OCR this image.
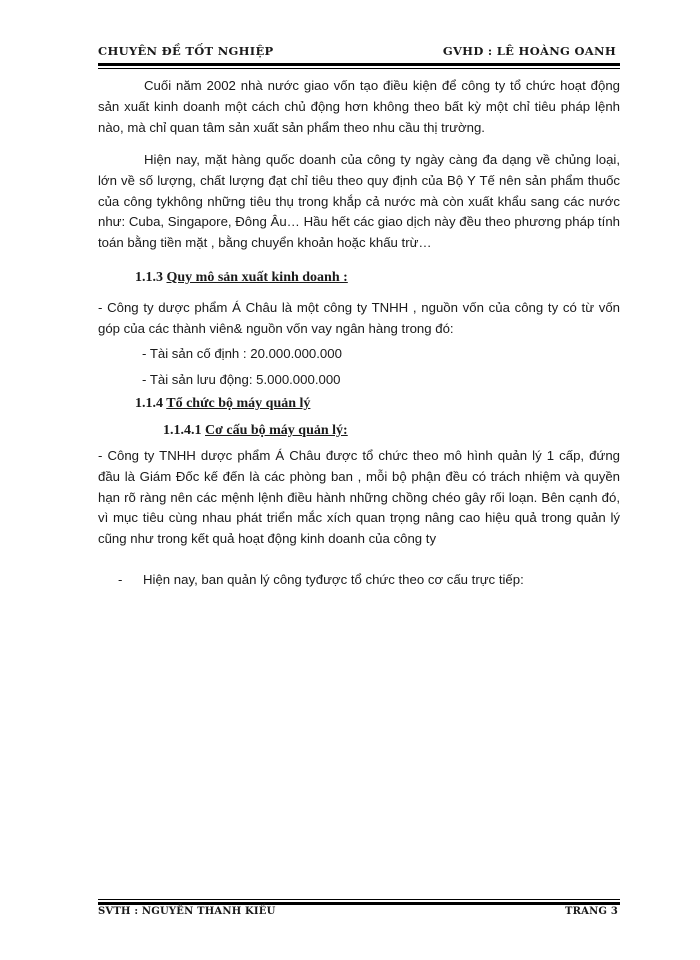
CHUYÊN ĐỀ TỐT NGHIỆP	GVHD : LÊ HOÀNG OANH
Cuối năm 2002 nhà nước giao vốn tạo điều kiện để công ty tổ chức hoạt động sản xuất kinh doanh một cách chủ động hơn không theo bất kỳ một chỉ tiêu pháp lệnh nào, mà chỉ quan tâm sản xuất sản phẩm theo nhu cầu thị trường.
Hiện nay, mặt hàng quốc doanh của công ty ngày càng đa dạng về chủng loại, lớn về số lượng, chất lượng đạt chỉ tiêu theo quy định của Bộ Y Tế nên sản phẩm thuốc của công tykhông những tiêu thụ trong khắp cả nước mà còn xuất khẩu sang các nước như: Cuba, Singapore, Đông Âu… Hầu hết các giao dịch này đều theo phương pháp tính toán bằng tiền mặt , bằng chuyển khoản hoặc khấu trừ…
1.1.3 Quy mô sản xuất kinh doanh :
- Công ty dược phẩm Á Châu là một công ty TNHH , nguồn vốn của công ty có từ vốn góp của các thành viên& nguồn vốn vay ngân hàng trong đó:
- Tài sản cố định : 20.000.000.000
- Tài sản lưu động: 5.000.000.000
1.1.4 Tổ chức bộ máy quản lý
1.1.4.1 Cơ cấu bộ máy quản lý:
- Công ty TNHH dược phẩm Á Châu được tổ chức theo mô hình quản lý 1 cấp, đứng đầu là Giám Đốc kế đến là các phòng ban , mỗi bộ phận đều có trách nhiệm và quyền hạn rõ ràng nên các mệnh lệnh điều hành những chồng chéo gây rối loạn. Bên cạnh đó, vì mục tiêu cùng nhau phát triển mắc xích quan trọng nâng cao hiệu quả trong quản lý cũng như trong kết quả hoạt động kinh doanh của công ty
- Hiện nay, ban quản lý công tyđược tổ chức theo cơ cấu trực tiếp:
SVTH : NGUYỄN THANH KIỀU	TRANG 3
